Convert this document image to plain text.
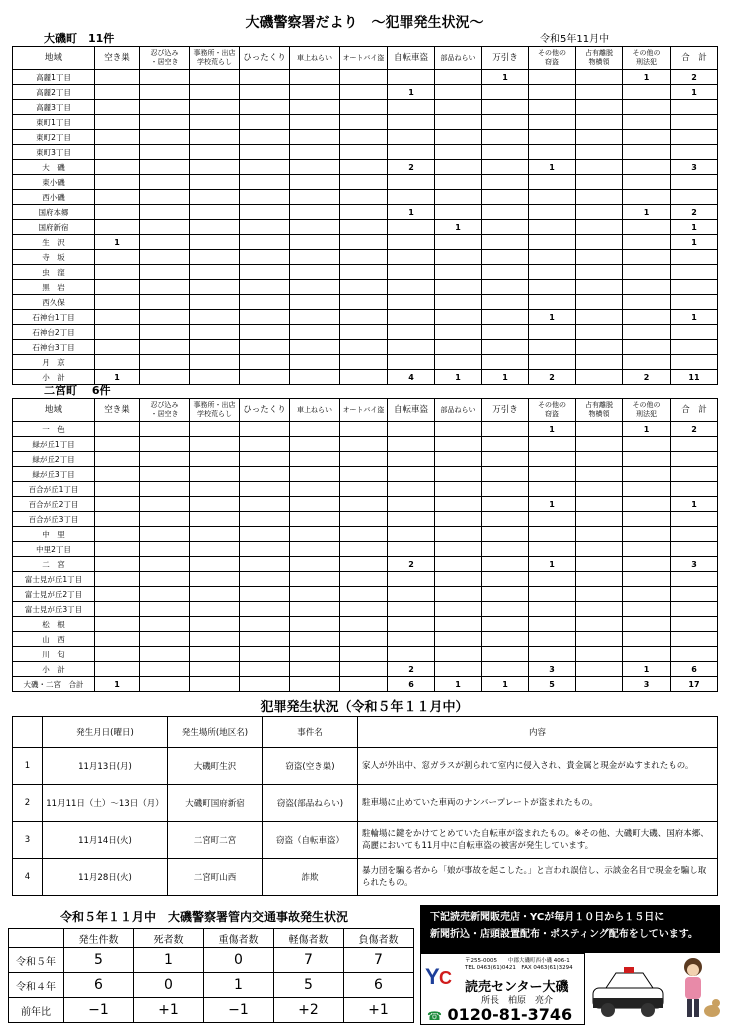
大磯警察署だより　～犯罪発生状況～
令和5年11月中
大磯町　11件
地域	空き巣	忍び込み
・居空き	事務所・出店
学校荒らし	ひったくり	車上ねらい	オートバイ盗	自転車盗	部品ねらい	万引き	その他の
窃盗	占有離脱
物横領	その他の
刑法犯	合　計
高麗1丁目									1			1	2
高麗2丁目							1						1
高麗3丁目													
東町1丁目													
東町2丁目													
東町3丁目													
大　磯							2			1			3
東小磯													
西小磯													
国府本郷							1					1	2
国府新宿								1					1
生　沢	1												1
寺　坂													
虫　窪													
黒　岩													
西久保													
石神台1丁目										1			1
石神台2丁目													
石神台3丁目													
月　京													
小　計	1						4	1	1	2		2	11
二宮町　 6件
地域	空き巣	忍び込み
・居空き	事務所・出店
学校荒らし	ひったくり	車上ねらい	オートバイ盗	自転車盗	部品ねらい	万引き	その他の
窃盗	占有離脱
物横領	その他の
刑法犯	合　計
一　色										1		1	2
緑が丘1丁目													
緑が丘2丁目													
緑が丘3丁目													
百合が丘1丁目													
百合が丘2丁目										1			1
百合が丘3丁目													
中　里													
中里2丁目													
二　宮							2			1			3
富士見が丘1丁目													
富士見が丘2丁目													
富士見が丘3丁目													
松　根													
山　西													
川　匂													
小　計							2			3		1	6
大磯・二宮　合計	1						6	1	1	5		3	17
犯罪発生状況（令和５年１１月中）
	発生月日(曜日)	発生場所(地区名)	事件名	内容
1	11月13日(月)	大磯町生沢	窃盗(空き巣)	家人が外出中、窓ガラスが割られて室内に侵入され、貴金属と現金がぬすまれたもの。
2	11月11日（土）～13日（月）	大磯町国府新宿	窃盗(部品ねらい)	駐車場に止めていた車両のナンバープレートが盗まれたもの。
3	11月14日(火)	二宮町二宮	窃盗（自転車盗）	駐輪場に鍵をかけてとめていた自転車が盗まれたもの。※その他、大磯町大磯、国府本郷、高麗においても11月中に自転車盗の被害が発生しています。
4	11月28日(火)	二宮町山西	詐欺	暴力団を騙る者から「娘が事故を起こした。」と言われ誤信し、示談金名目で現金を騙し取られたもの。
令和５年１１月中　大磯警察署管内交通事故発生状況
	発生件数	死者数	重傷者数	軽傷者数	負傷者数
令和５年	5	1	0	7	7
令和４年	6	0	1	5	6
前年比	−1	+1	−1	+2	+1
下記読売新聞販売店・YCが毎月１０日から１５日に
新聞折込・店頭設置配布・ポスティング配布をしています。
Y C
〒255-0005　　中郡大磯町西小磯 406-1
TEL 0463(61)0421　FAX 0463(61)3294
読売センター大磯
所長　柏原　亮介
☎ 0120-81-3746
